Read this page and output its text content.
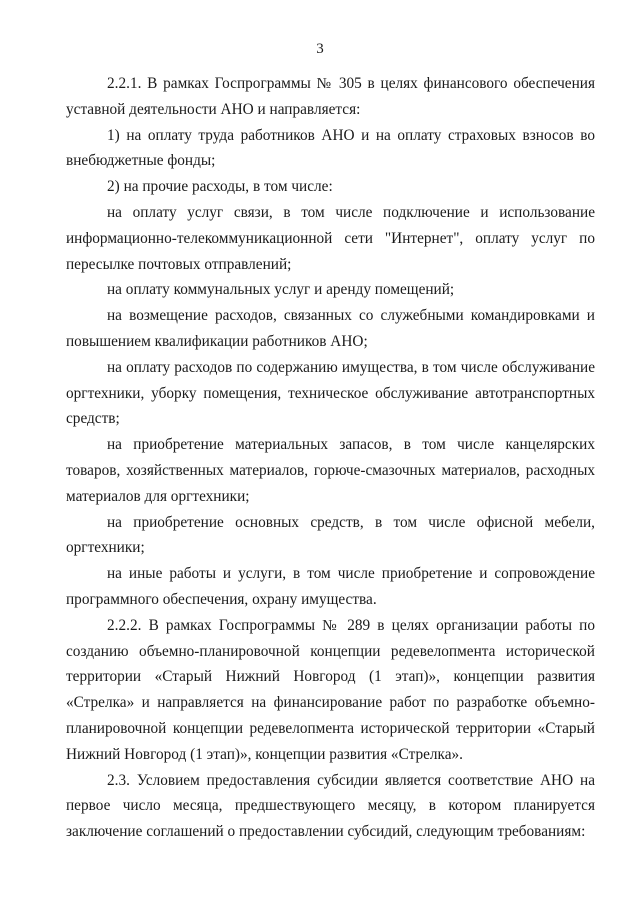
3

2.2.1. В рамках Госпрограммы № 305 в целях финансового обеспечения уставной деятельности АНО и направляется:

1) на оплату труда работников АНО и на оплату страховых взносов во внебюджетные фонды;

2) на прочие расходы, в том числе:

на оплату услуг связи, в том числе подключение и использование информационно-телекоммуникационной сети "Интернет", оплату услуг по пересылке почтовых отправлений;

на оплату коммунальных услуг и аренду помещений;

на возмещение расходов, связанных со служебными командировками и повышением квалификации работников АНО;

на оплату расходов по содержанию имущества, в том числе обслуживание оргтехники, уборку помещения, техническое обслуживание автотранспортных средств;

на приобретение материальных запасов, в том числе канцелярских товаров, хозяйственных материалов, горюче-смазочных материалов, расходных материалов для оргтехники;

на приобретение основных средств, в том числе офисной мебели, оргтехники;

на иные работы и услуги, в том числе приобретение и сопровождение программного обеспечения, охрану имущества.

2.2.2. В рамках Госпрограммы № 289 в целях организации работы по созданию объемно-планировочной концепции редевелопмента исторической территории «Старый Нижний Новгород (1 этап)», концепции развития «Стрелка» и направляется на финансирование работ по разработке объемно-планировочной концепции редевелопмента исторической территории «Старый Нижний Новгород (1 этап)», концепции развития «Стрелка».

2.3. Условием предоставления субсидии является соответствие АНО на первое число месяца, предшествующего месяцу, в котором планируется заключение соглашений о предоставлении субсидий, следующим требованиям:
